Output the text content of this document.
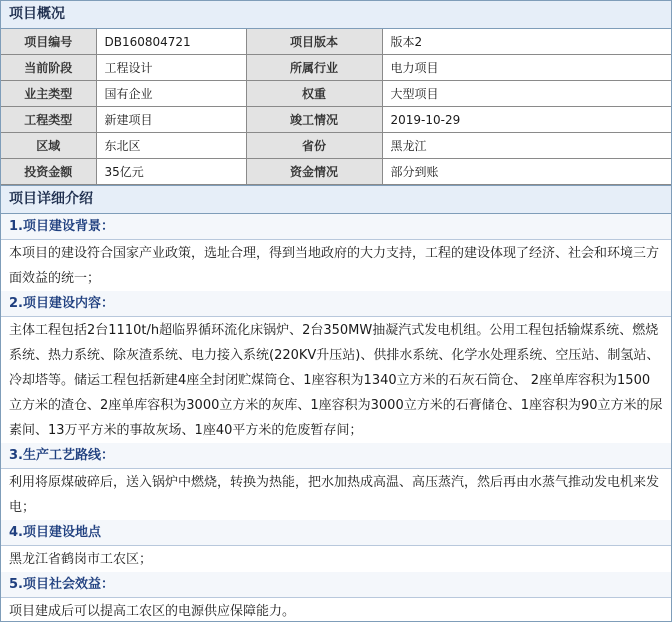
项目概况
项目编号	DB160804721	项目版本	版本2
当前阶段	工程设计	所属行业	电力项目
业主类型	国有企业	权重	大型项目
工程类型	新建项目	竣工情况	2019-10-29
区域	东北区	省份	黑龙江
投资金额	35亿元	资金情况	部分到账
项目详细介绍
1.项目建设背景：
本项目的建设符合国家产业政策，选址合理，得到当地政府的大力支持，工程的建设体现了经济、社会和环境三方面效益的统一；
2.项目建设内容：
主体工程包括2台1110t/h超临界循环流化床锅炉、2台350MW抽凝汽式发电机组。公用工程包括输煤系统、燃烧系统、热力系统、除灰渣系统、电力接入系统(220KV升压站)、供排水系统、化学水处理系统、空压站、制氢站、冷却塔等。储运工程包括新建4座全封闭贮煤筒仓、1座容积为1340立方米的石灰石筒仓、 2座单库容积为1500立方米的渣仓、2座单库容积为3000立方米的灰库、1座容积为3000立方米的石膏储仓、1座容积为90立方米的尿素间、13万平方米的事故灰场、1座40平方米的危废暂存间；
3.生产工艺路线：
利用将原煤破碎后，送入锅炉中燃烧，转换为热能，把水加热成高温、高压蒸汽，然后再由水蒸气推动发电机来发电；
4.项目建设地点
黑龙江省鹤岗市工农区；
5.项目社会效益：
项目建成后可以提高工农区的电源供应保障能力。
